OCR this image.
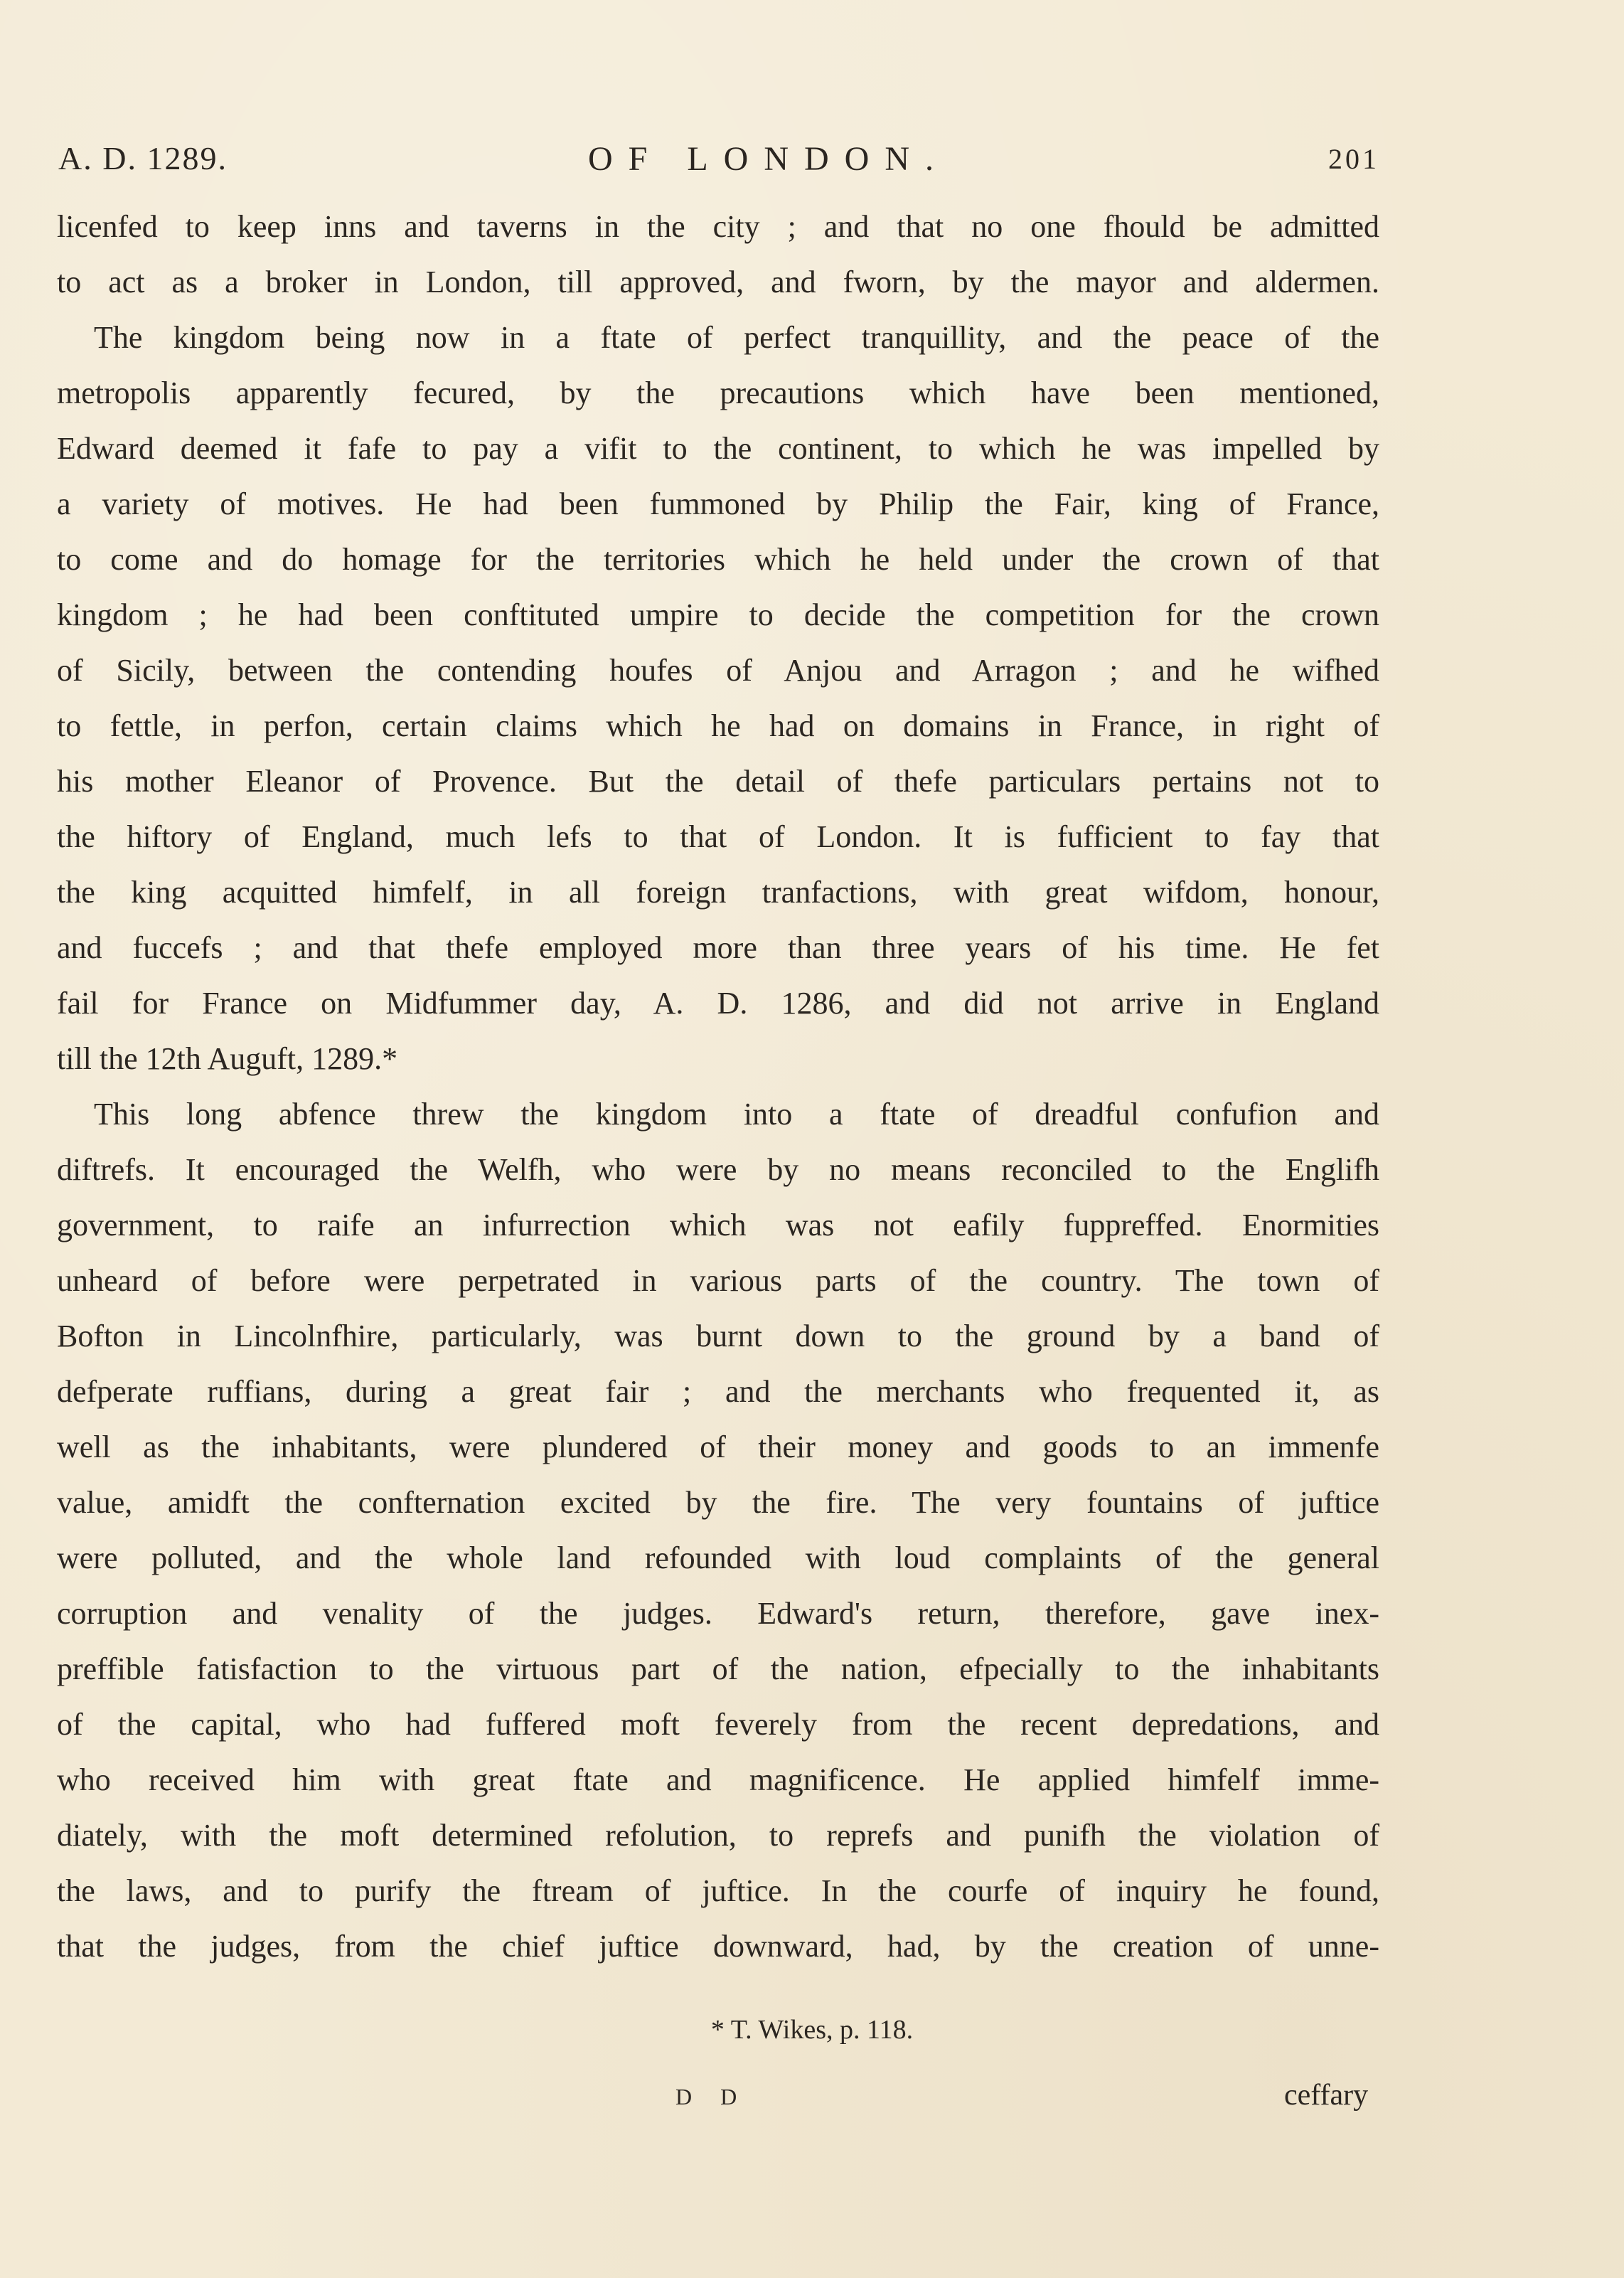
A. D. 1289.	OF LONDON.	201
licenfed to keep inns and taverns in the city ; and that no one fhould be admitted
to act as a broker in London, till approved, and fworn, by the mayor and aldermen.
The kingdom being now in a ftate of perfect tranquillity, and the peace of the
metropolis apparently fecured, by the precautions which have been mentioned,
Edward deemed it fafe to pay a vifit to the continent, to which he was impelled by
a variety of motives. He had been fummoned by Philip the Fair, king of France,
to come and do homage for the territories which he held under the crown of that
kingdom ; he had been conftituted umpire to decide the competition for the crown
of Sicily, between the contending houfes of Anjou and Arragon ; and he wifhed
to fettle, in perfon, certain claims which he had on domains in France, in right of
his mother Eleanor of Provence. But the detail of thefe particulars pertains not to
the hiftory of England, much lefs to that of London. It is fufficient to fay that
the king acquitted himfelf, in all foreign tranfactions, with great wifdom, honour,
and fuccefs ; and that thefe employed more than three years of his time. He fet
fail for France on Midfummer day, A. D. 1286, and did not arrive in England
till the 12th Auguft, 1289.*
This long abfence threw the kingdom into a ftate of dreadful confufion and
diftrefs. It encouraged the Welfh, who were by no means reconciled to the Englifh
government, to raife an infurrection which was not eafily fuppreffed. Enormities
unheard of before were perpetrated in various parts of the country. The town of
Bofton in Lincolnfhire, particularly, was burnt down to the ground by a band of
defperate ruffians, during a great fair ; and the merchants who frequented it, as
well as the inhabitants, were plundered of their money and goods to an immenfe
value, amidft the confternation excited by the fire. The very fountains of juftice
were polluted, and the whole land refounded with loud complaints of the general
corruption and venality of the judges. Edward's return, therefore, gave inex-
preffible fatisfaction to the virtuous part of the nation, efpecially to the inhabitants
of the capital, who had fuffered moft feverely from the recent depredations, and
who received him with great ftate and magnificence. He applied himfelf imme-
diately, with the moft determined refolution, to reprefs and punifh the violation of
the laws, and to purify the ftream of juftice. In the courfe of inquiry he found,
that the judges, from the chief juftice downward, had, by the creation of unne-
* T. Wikes, p. 118.
D D	ceffary
